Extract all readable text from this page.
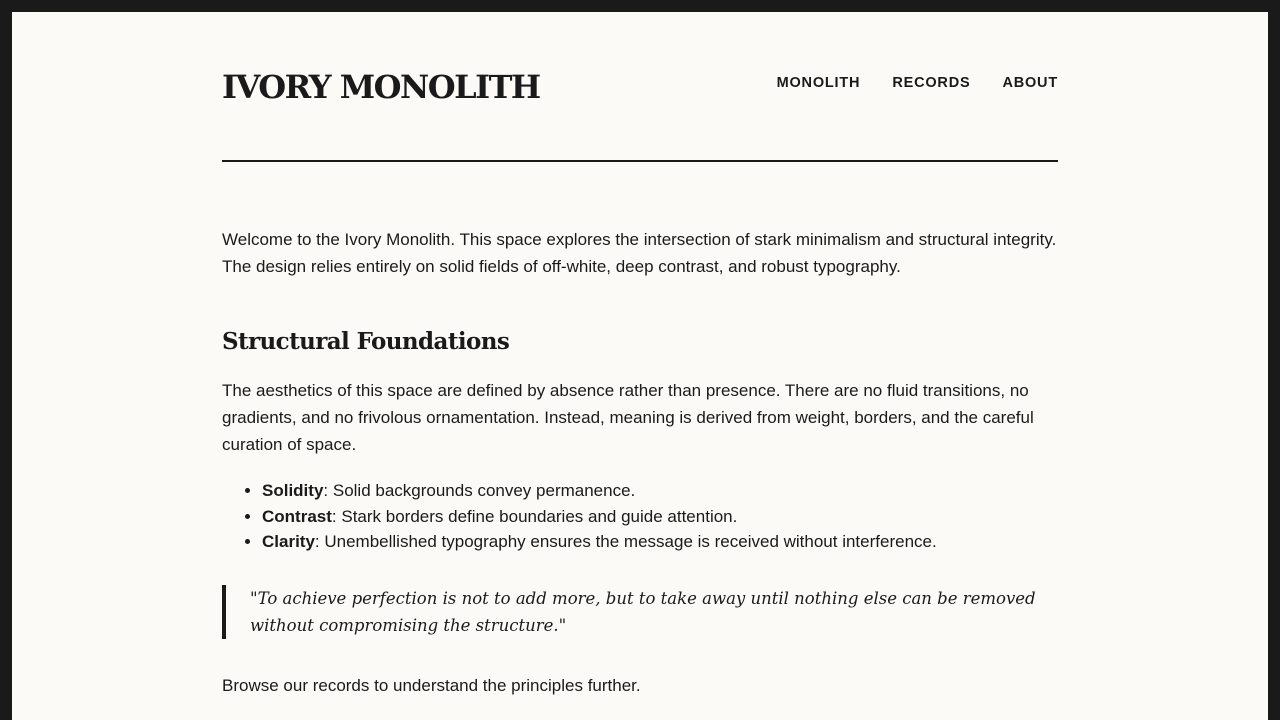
IVORY MONOLITH	MONOLITH RECORDS ABOUT

Welcome to the Ivory Monolith. This space explores the intersection of stark minimalism and structural integrity. The design relies entirely on solid fields of off-white, deep contrast, and robust typography.

Structural Foundations

The aesthetics of this space are defined by absence rather than presence. There are no fluid transitions, no gradients, and no frivolous ornamentation. Instead, meaning is derived from weight, borders, and the careful curation of space.

• Solidity: Solid backgrounds convey permanence.
• Contrast: Stark borders define boundaries and guide attention.
• Clarity: Unembellished typography ensures the message is received without interference.
"To achieve perfection is not to add more, but to take away until nothing else can be removed without compromising the structure."

Browse our records to understand the principles further.
